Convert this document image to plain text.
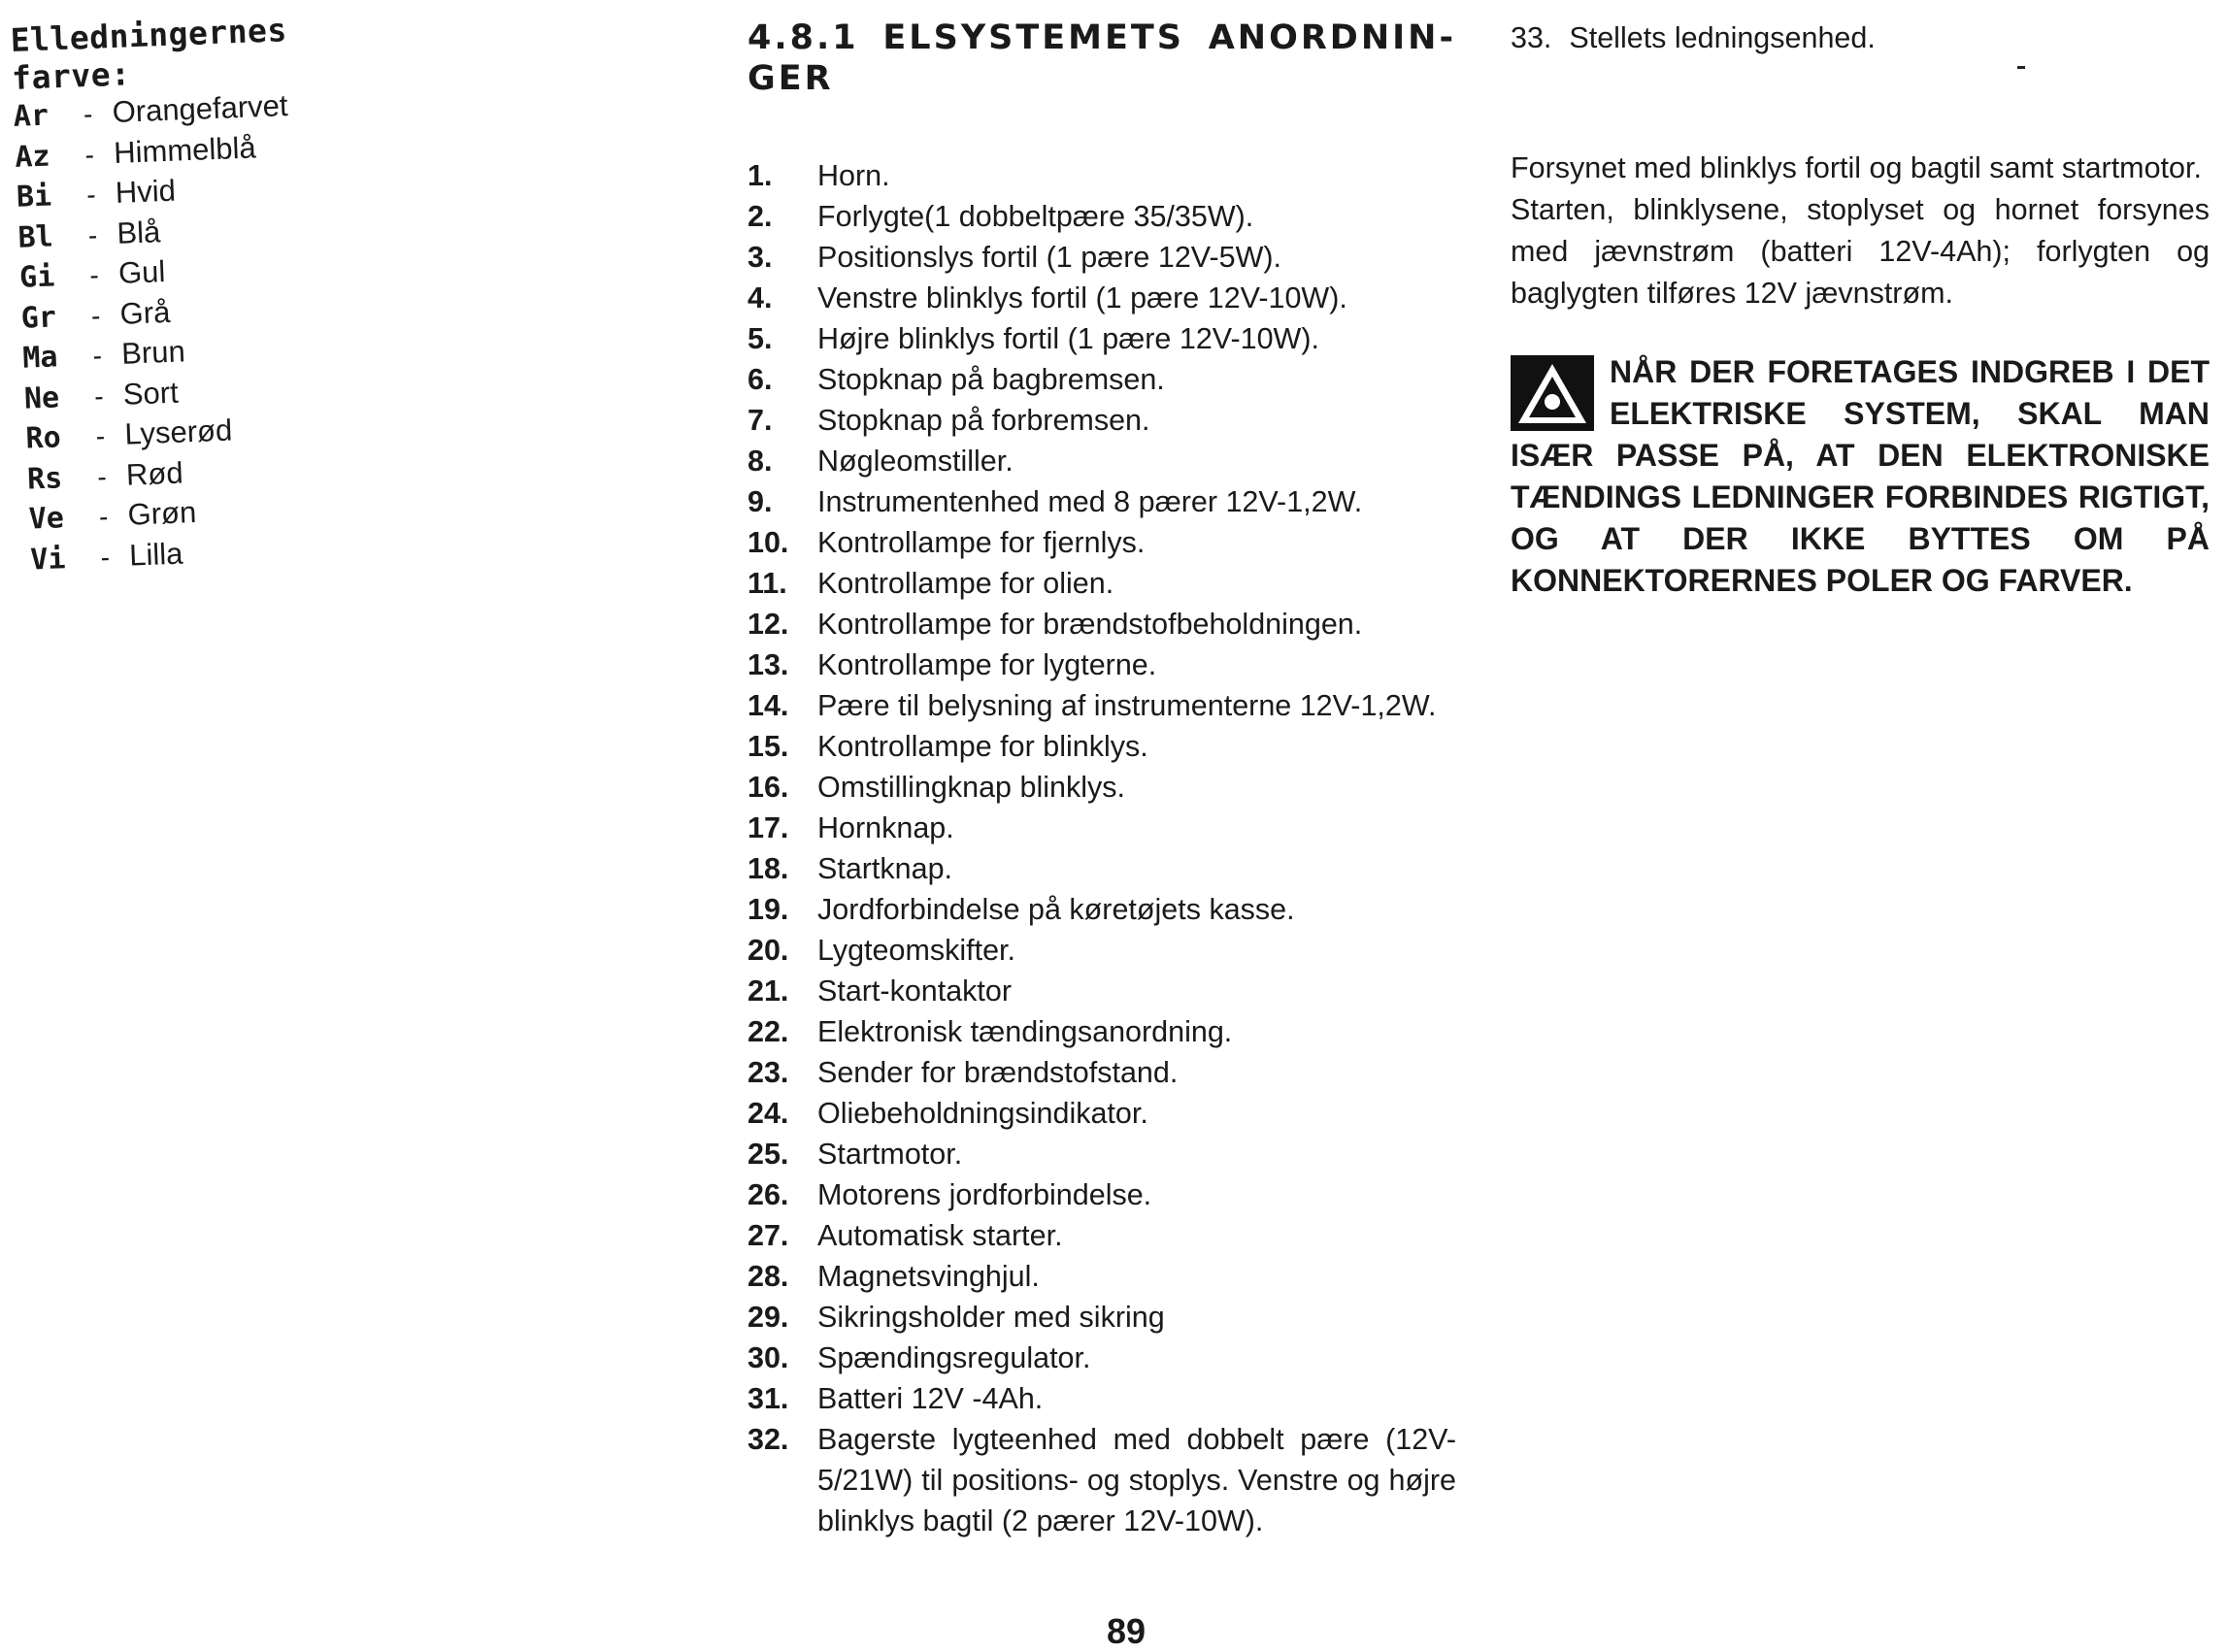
Elledningernes farve:
Ar	- Orangefarvet
Az	- Himmelblå
Bi	- Hvid
Bl	- Blå
Gi	- Gul
Gr	- Grå
Ma	- Brun
Ne	- Sort
Ro	- Lyserød
Rs	- Rød
Ve	- Grøn
Vi	- Lilla
4.8.1 ELSYSTEMETS ANORDNIN-GER
1.	Horn.
2.	Forlygte(1 dobbeltpære 35/35W).
3.	Positionslys fortil (1 pære 12V-5W).
4.	Venstre blinklys fortil (1 pære 12V-10W).
5.	Højre blinklys fortil (1 pære 12V-10W).
6.	Stopknap på bagbremsen.
7.	Stopknap på forbremsen.
8.	Nøgleomstiller.
9.	Instrumentenhed med 8 pærer 12V-1,2W.
10. Kontrollampe for fjernlys.
11.	Kontrollampe for olien.
12. Kontrollampe for brændstofbeholdningen.
13. Kontrollampe for lygterne.
14. Pære til belysning af instrumenterne 12V-1,2W.
15. Kontrollampe for blinklys.
16. Omstillingknap blinklys.
17. Hornknap.
18. Startknap.
19. Jordforbindelse på køretøjets kasse.
20. Lygteomskifter.
21. Start-kontaktor
22. Elektronisk tændingsanordning.
23. Sender for brændstofstand.
24. Oliebeholdningsindikator.
25. Startmotor.
26. Motorens jordforbindelse.
27. Automatisk starter.
28. Magnetsvinghjul.
29. Sikringsholder med sikring
30. Spændingsregulator.
31. Batteri 12V -4Ah.
32. Bagerste lygteenhed med dobbelt pære (12V-5/21W) til positions- og stoplys. Venstre og højre blinklys bagtil (2 pærer 12V-10W).
89
33. Stellets ledningsenhed.

Forsynet med blinklys fortil og bagtil samt startmotor.

Starten, blinklysene, stoplyset og hornet forsynes med jævnstrøm (batteri 12V-4Ah); forlygten og baglygten tilføres 12V jævnstrøm.

NÅR DER FORETAGES INDGREB I DET ELEKTRISKE SYSTEM, SKAL MAN ISÆR PASSE PÅ, AT DEN ELEKTRONISKE TÆNDINGS LEDNINGER FORBINDES RIGTIGT, OG AT DER IKKE BYTTES OM PÅ KONNEKTORERNES POLER OG FARVER.
